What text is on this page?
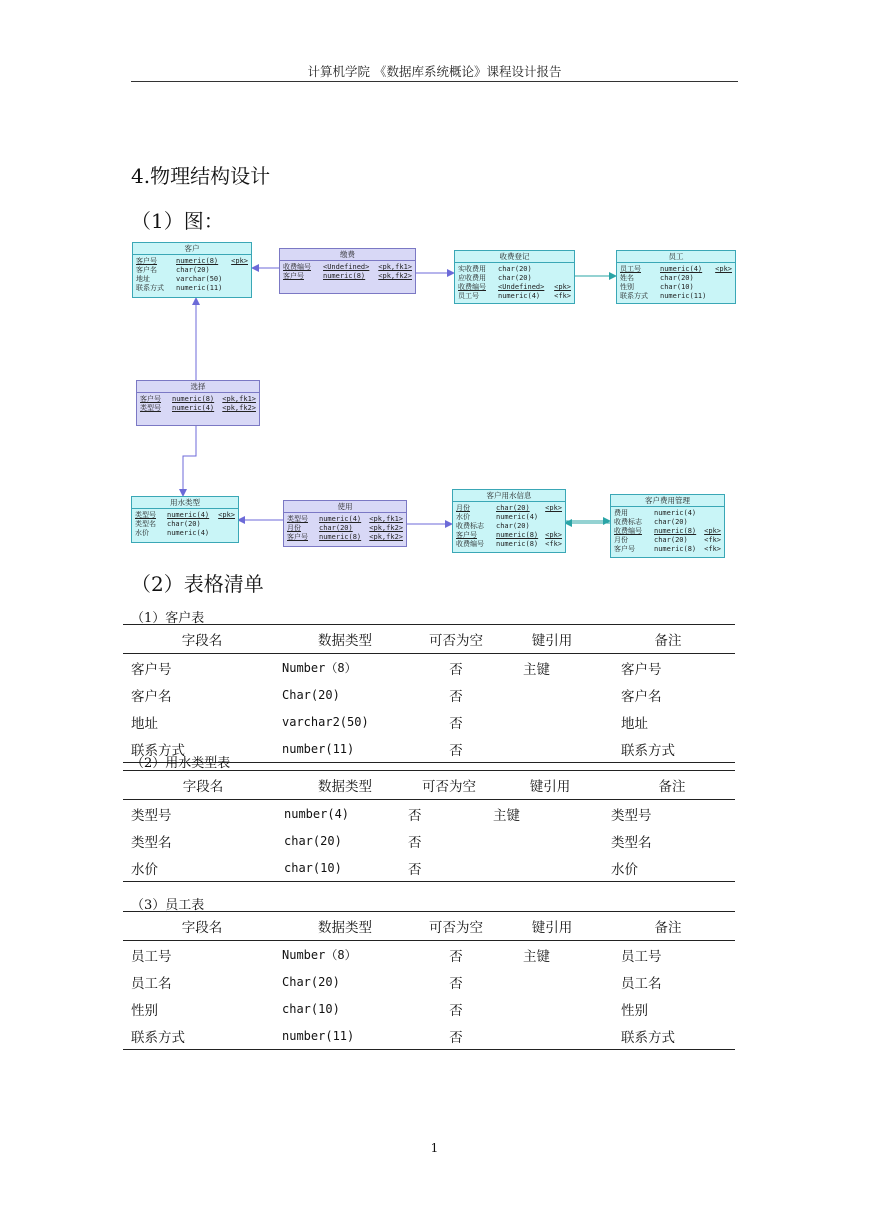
计算机学院 《数据库系统概论》课程设计报告
4.物理结构设计
（1）图：
客户
客户号	numeric(8)	<pk>
客户名	char(20)
地址	varchar(50)
联系方式	numeric(11)
缴费
收费编号	<Undefined>	<pk,fk1>
客户号	numeric(8)	<pk,fk2>
收费登记
实收费用	char(20)
应收费用	char(20)
收费编号	<Undefined>	<pk>
员工号	numeric(4)	<fk>
员工
员工号	numeric(4)	<pk>
姓名	char(20)
性别	char(10)
联系方式	numeric(11)
选择
客户号	numeric(8)	<pk,fk1>
类型号	numeric(4)	<pk,fk2>
用水类型
类型号	numeric(4)	<pk>
类型名	char(20)
水价	numeric(4)
使用
类型号	numeric(4)	<pk,fk1>
月份	char(20)	<pk,fk2>
客户号	numeric(8)	<pk,fk2>
客户用水信息
月份	char(20)	<pk>
水价	numeric(4)
收费标志	char(20)
客户号	numeric(8) <pk>
收费编号	numeric(8) <fk>
客户费用管理
费用	numeric(4)
收费标志	char(20)
收费编号	numeric(8)	<pk>
月份	char(20)	<fk>
客户号	numeric(8)	<fk>
（2）表格清单
（1）客户表
字段名	数据类型	可否为空	键引用	备注
客户号	Number（8）	否	主键	客户号
客户名	Char(20)	否		客户名
地址	varchar2(50)	否		地址
联系方式	number(11)	否		联系方式
（2）用水类型表
字段名	数据类型	可否为空	键引用	备注
类型号	number(4)	否	主键	类型号
类型名	char(20)	否		类型名
水价	char(10)	否		水价
（3）员工表
字段名	数据类型	可否为空	键引用	备注
员工号	Number（8）	否	主键	员工号
员工名	Char(20)	否		员工名
性别	char(10)	否		性别
联系方式	number(11)	否		联系方式
1
